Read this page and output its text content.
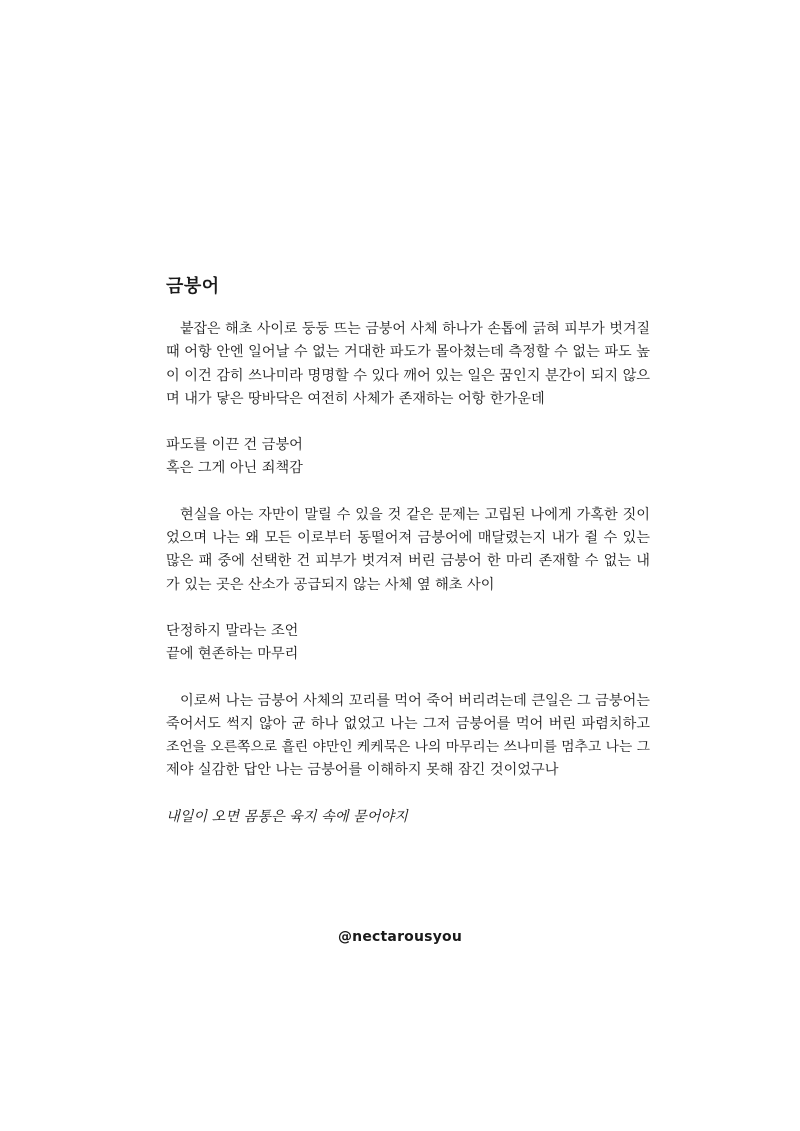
금붕어

붙잡은 해초 사이로 둥둥 뜨는 금붕어 사체 하나가 손톱에 긁혀 피부가 벗겨질
때 어항 안엔 일어날 수 없는 거대한 파도가 몰아쳤는데 측정할 수 없는 파도 높
이 이건 감히 쓰나미라 명명할 수 있다 깨어 있는 일은 꿈인지 분간이 되지 않으
며 내가 닿은 땅바닥은 여전히 사체가 존재하는 어항 한가운데

파도를 이끈 건 금붕어
혹은 그게 아닌 죄책감

현실을 아는 자만이 말릴 수 있을 것 같은 문제는 고립된 나에게 가혹한 짓이
었으며 나는 왜 모든 이로부터 동떨어져 금붕어에 매달렸는지 내가 쥘 수 있는
많은 패 중에 선택한 건 피부가 벗겨져 버린 금붕어 한 마리 존재할 수 없는 내
가 있는 곳은 산소가 공급되지 않는 사체 옆 해초 사이

단정하지 말라는 조언
끝에 현존하는 마무리

이로써 나는 금붕어 사체의 꼬리를 먹어 죽어 버리려는데 큰일은 그 금붕어는
죽어서도 썩지 않아 균 하나 없었고 나는 그저 금붕어를 먹어 버린 파렴치하고
조언을 오른쪽으로 흘린 야만인 케케묵은 나의 마무리는 쓰나미를 멈추고 나는 그
제야 실감한 답안 나는 금붕어를 이해하지 못해 잠긴 것이었구나

내일이 오면 몸통은 육지 속에 묻어야지

@nectarousyou
